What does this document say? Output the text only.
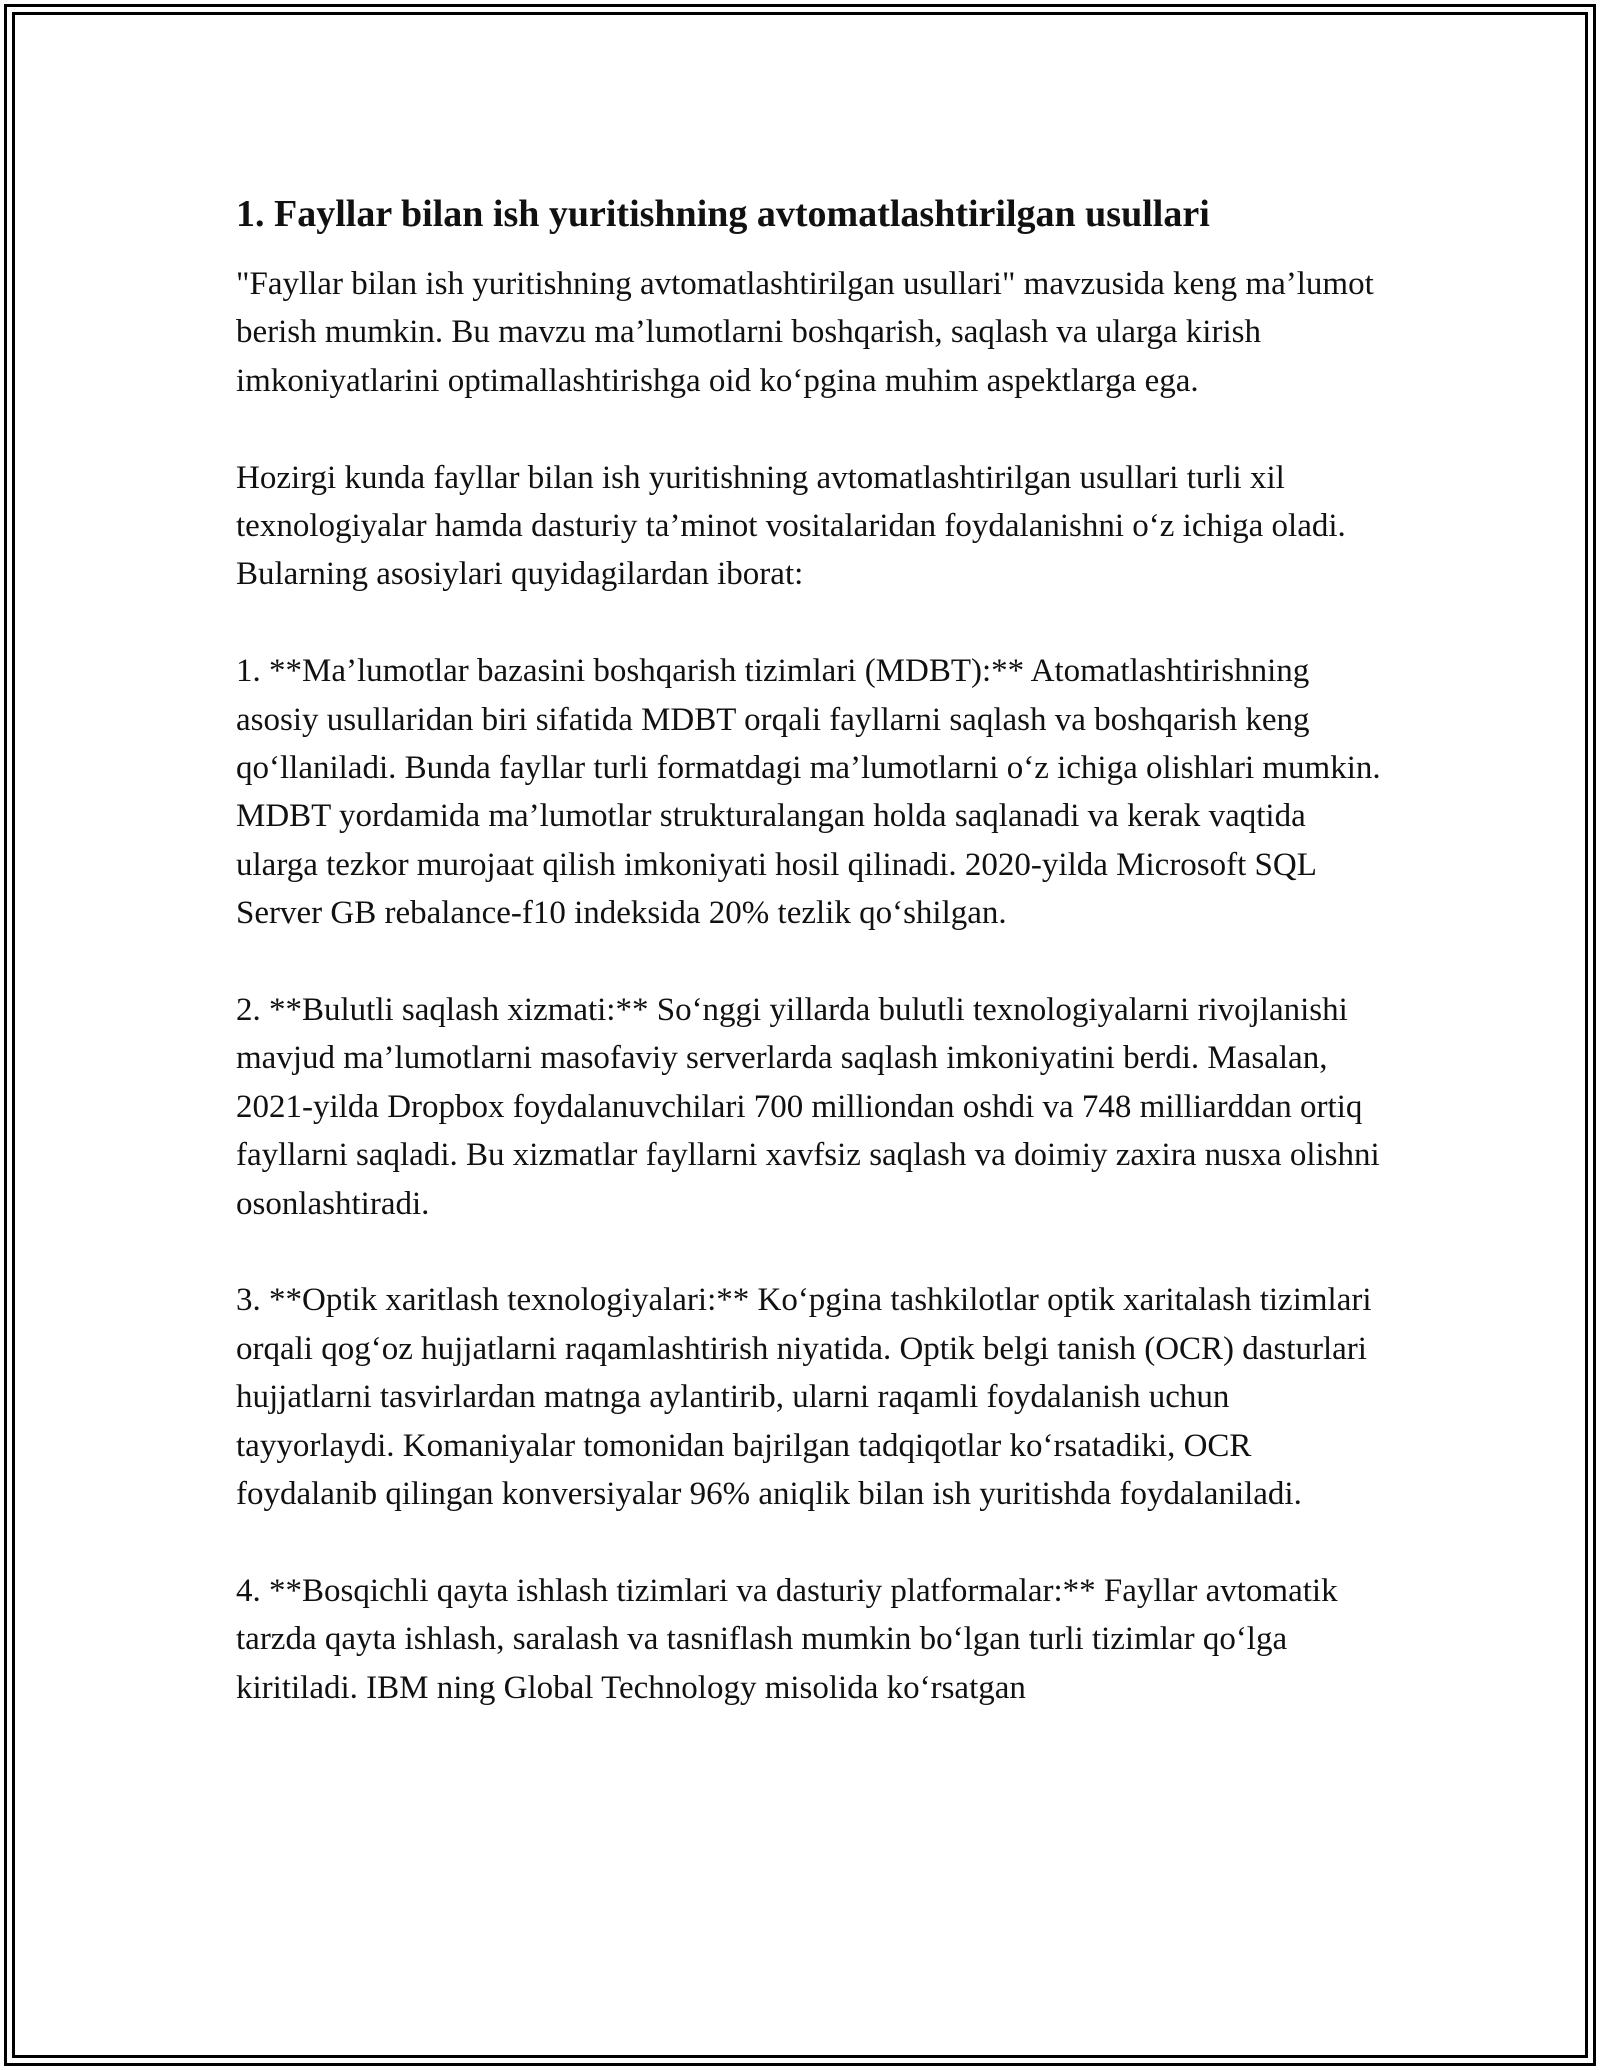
1. Fayllar bilan ish yuritishning avtomatlashtirilgan usullari

"Fayllar bilan ish yuritishning avtomatlashtirilgan usullari" mavzusida keng ma’lumot berish mumkin. Bu mavzu ma’lumotlarni boshqarish, saqlash va ularga kirish imkoniyatlarini optimallashtirishga oid ko‘pgina muhim aspektlarga ega.

Hozirgi kunda fayllar bilan ish yuritishning avtomatlashtirilgan usullari turli xil texnologiyalar hamda dasturiy ta’minot vositalaridan foydalanishni o‘z ichiga oladi. Bularning asosiylari quyidagilardan iborat:

1. **Ma’lumotlar bazasini boshqarish tizimlari (MDBT):** Atomatlashtirishning asosiy usullaridan biri sifatida MDBT orqali fayllarni saqlash va boshqarish keng qo‘llaniladi. Bunda fayllar turli formatdagi ma’lumotlarni o‘z ichiga olishlari mumkin. MDBT yordamida ma’lumotlar strukturalangan holda saqlanadi va kerak vaqtida ularga tezkor murojaat qilish imkoniyati hosil qilinadi. 2020-yilda Microsoft SQL Server GB rebalance-f10 indeksida 20% tezlik qo‘shilgan.

2. **Bulutli saqlash xizmati:** So‘nggi yillarda bulutli texnologiyalarni rivojlanishi mavjud ma’lumotlarni masofaviy serverlarda saqlash imkoniyatini berdi. Masalan, 2021-yilda Dropbox foydalanuvchilari 700 milliondan oshdi va 748 milliarddan ortiq fayllarni saqladi. Bu xizmatlar fayllarni xavfsiz saqlash va doimiy zaxira nusxa olishni osonlashtiradi.

3. **Optik xaritlash texnologiyalari:** Ko‘pgina tashkilotlar optik xaritalash tizimlari orqali qog‘oz hujjatlarni raqamlashtirish niyatida. Optik belgi tanish (OCR) dasturlari hujjatlarni tasvirlardan matnga aylantirib, ularni raqamli foydalanish uchun tayyorlaydi. Komaniyalar tomonidan bajrilgan tadqiqotlar ko‘rsatadiki, OCR foydalanib qilingan konversiyalar 96% aniqlik bilan ish yuritishda foydalaniladi.

4. **Bosqichli qayta ishlash tizimlari va dasturiy platformalar:** Fayllar avtomatik tarzda qayta ishlash, saralash va tasniflash mumkin bo‘lgan turli tizimlar qo‘lga kiritiladi. IBM ning Global Technology misolida ko‘rsatgan
